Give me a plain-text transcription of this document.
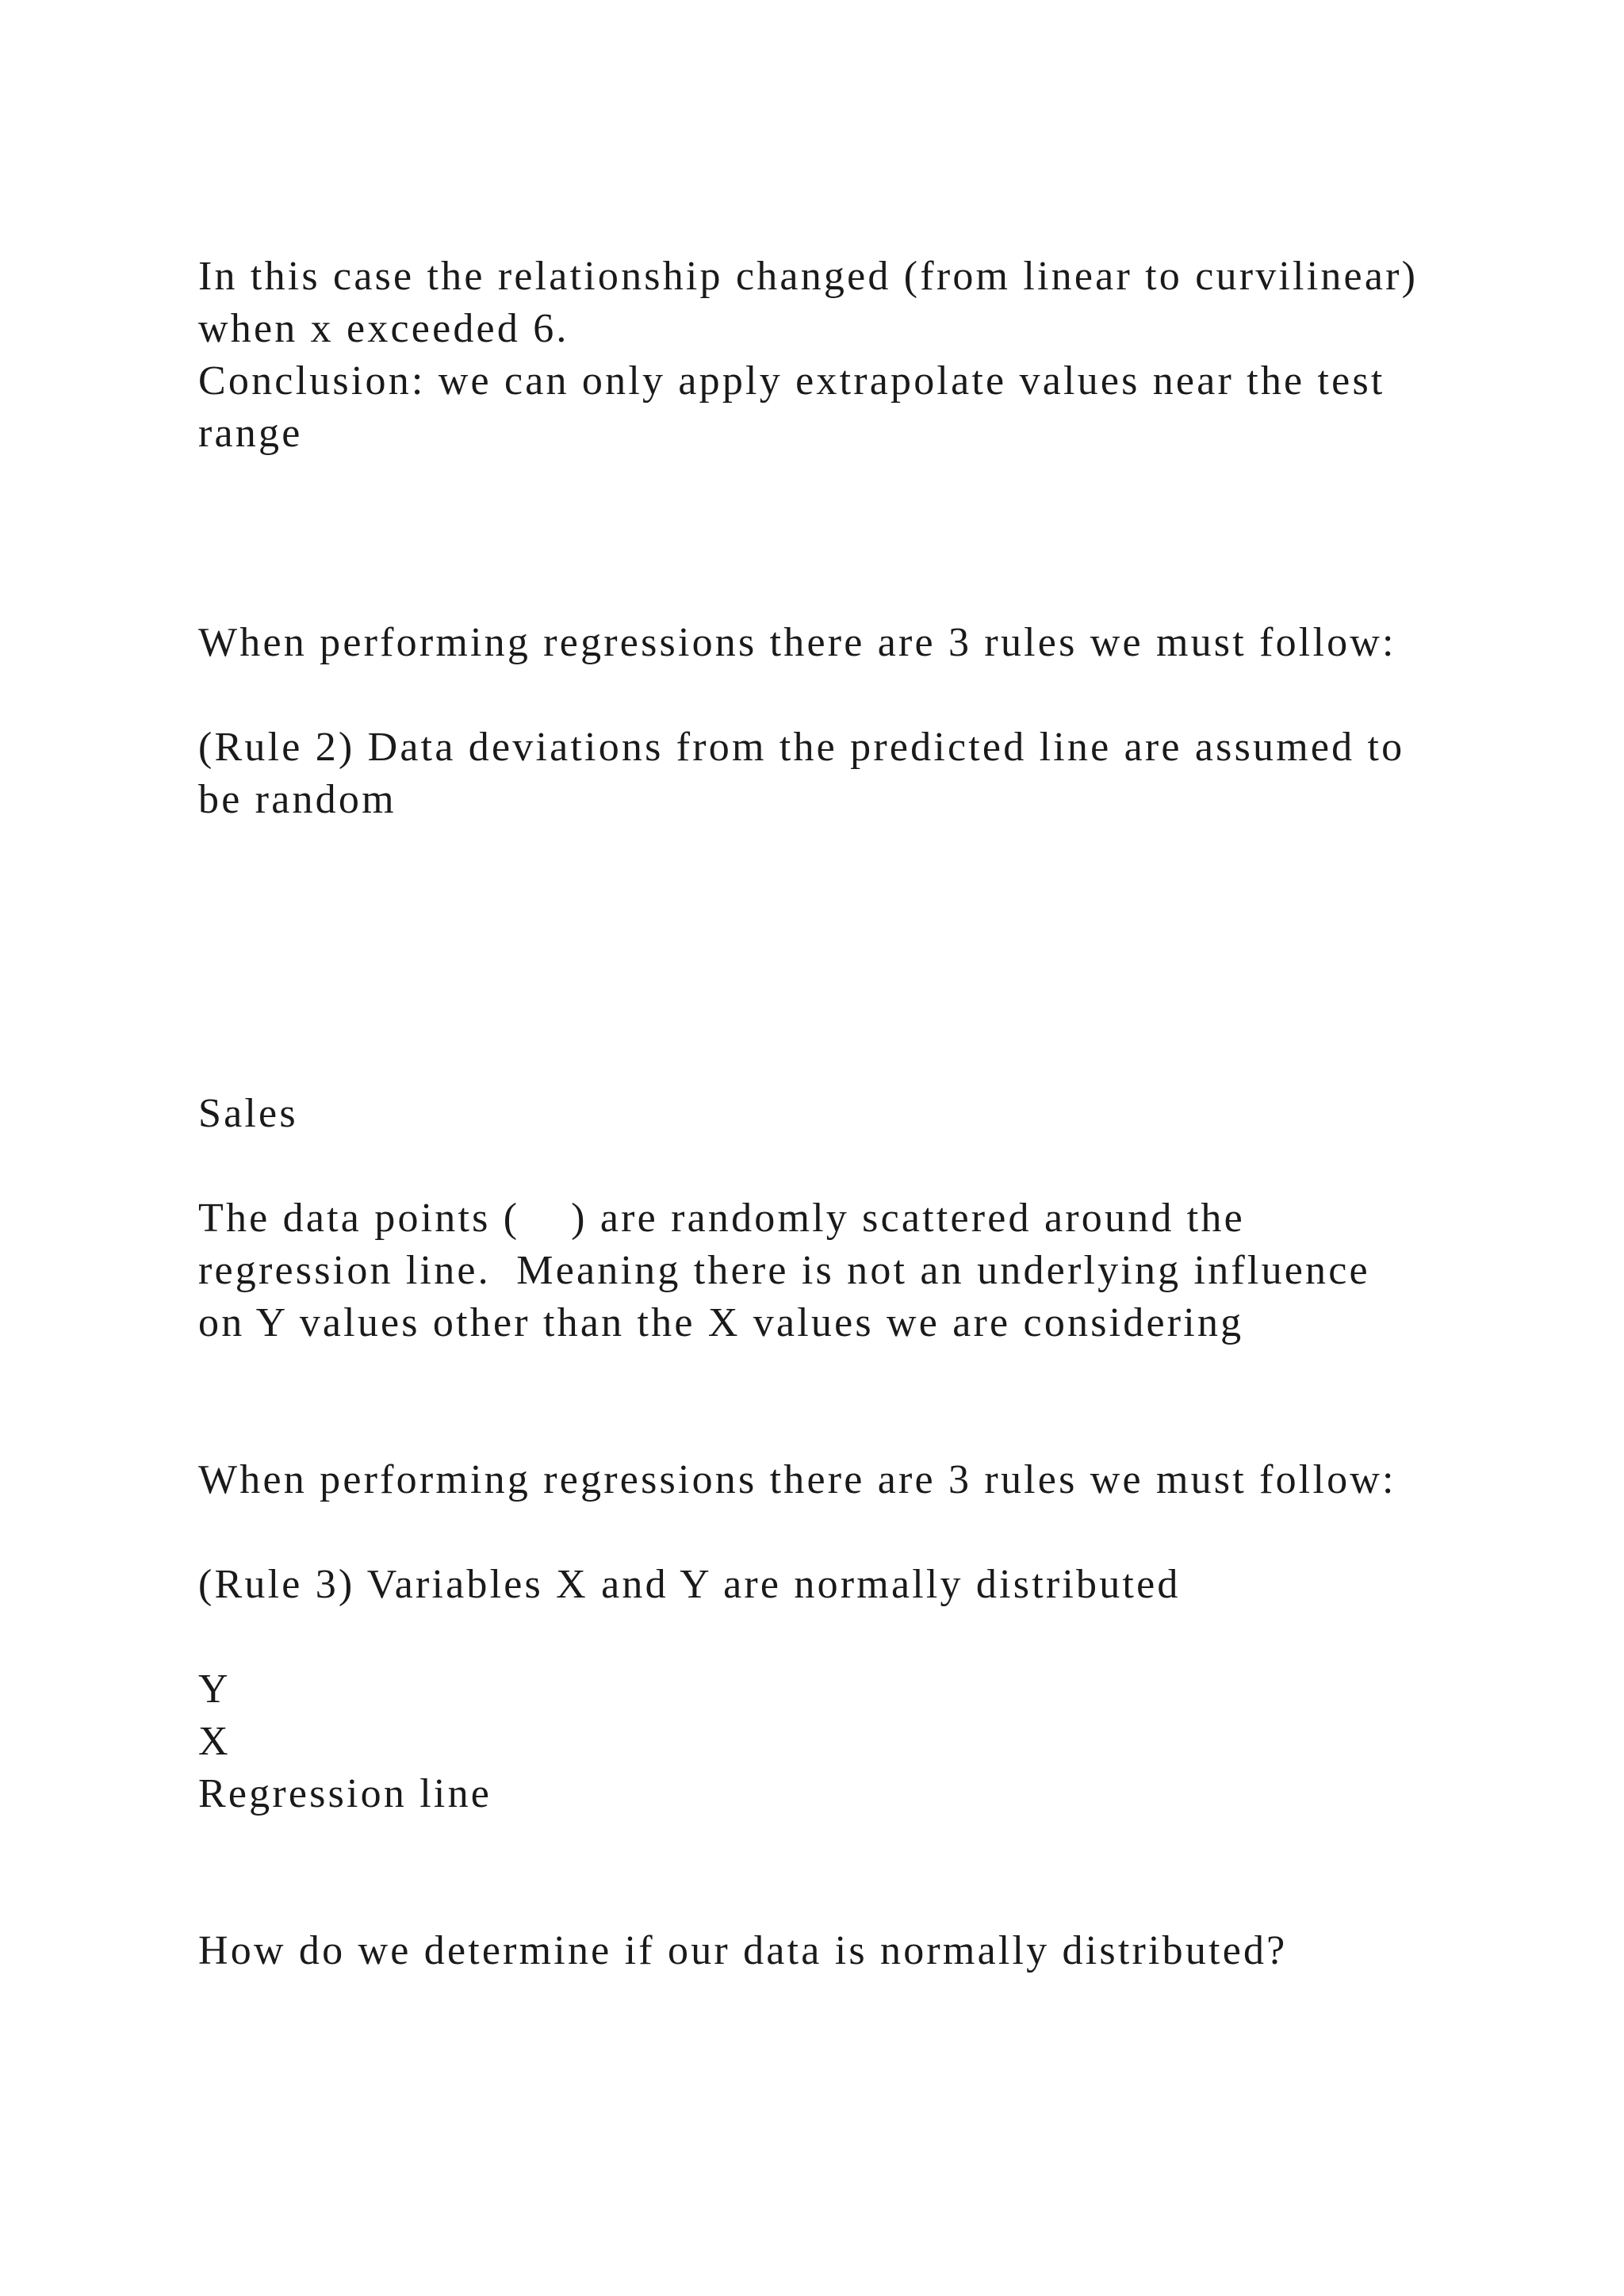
In this case the relationship changed (from linear to curvilinear)

when x exceeded 6.

Conclusion: we can only apply extrapolate values near the test

range

When performing regressions there are 3 rules we must follow:

(Rule 2) Data deviations from the predicted line are assumed to

be random

Sales

The data points (    ) are randomly scattered around the

regression line.  Meaning there is not an underlying influence

on Y values other than the X values we are considering

When performing regressions there are 3 rules we must follow:

(Rule 3) Variables X and Y are normally distributed

Y

X

Regression line

How do we determine if our data is normally distributed?
